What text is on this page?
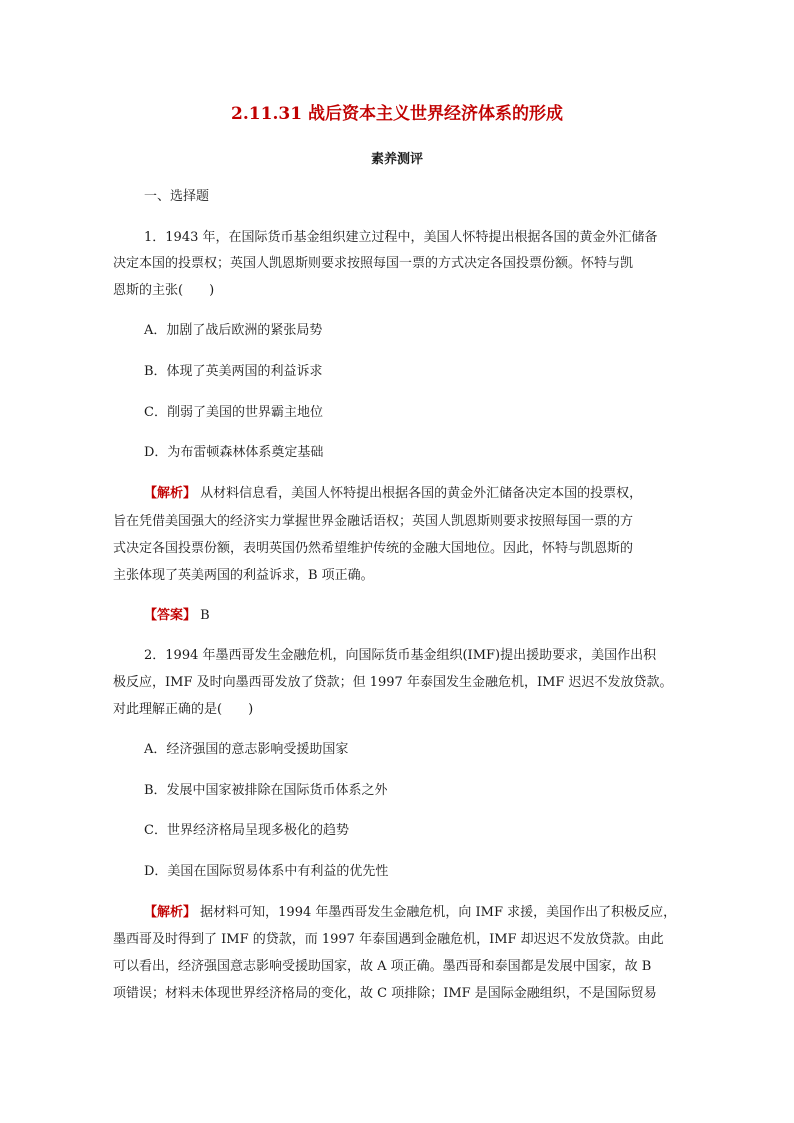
2.11.31 战后资本主义世界经济体系的形成
素养测评
一、选择题
1．1943 年，在国际货币基金组织建立过程中，美国人怀特提出根据各国的黄金外汇储备
决定本国的投票权；英国人凯恩斯则要求按照每国一票的方式决定各国投票份额。怀特与凯
恩斯的主张(　　)
A．加剧了战后欧洲的紧张局势
B．体现了英美两国的利益诉求
C．削弱了美国的世界霸主地位
D．为布雷顿森林体系奠定基础
【解析】 从材料信息看，美国人怀特提出根据各国的黄金外汇储备决定本国的投票权，
旨在凭借美国强大的经济实力掌握世界金融话语权；英国人凯恩斯则要求按照每国一票的方
式决定各国投票份额，表明英国仍然希望维护传统的金融大国地位。因此，怀特与凯恩斯的
主张体现了英美两国的利益诉求，B 项正确。
【答案】 B
2．1994 年墨西哥发生金融危机，向国际货币基金组织(IMF)提出援助要求，美国作出积
极反应，IMF 及时向墨西哥发放了贷款；但 1997 年泰国发生金融危机，IMF 迟迟不发放贷款。
对此理解正确的是(　　)
A．经济强国的意志影响受援助国家
B．发展中国家被排除在国际货币体系之外
C．世界经济格局呈现多极化的趋势
D．美国在国际贸易体系中有利益的优先性
【解析】 据材料可知，1994 年墨西哥发生金融危机，向 IMF 求援，美国作出了积极反应，
墨西哥及时得到了 IMF 的贷款，而 1997 年泰国遇到金融危机，IMF 却迟迟不发放贷款。由此
可以看出，经济强国意志影响受援助国家，故 A 项正确。墨西哥和泰国都是发展中国家，故 B
项错误；材料未体现世界经济格局的变化，故 C 项排除；IMF 是国际金融组织，不是国际贸易
